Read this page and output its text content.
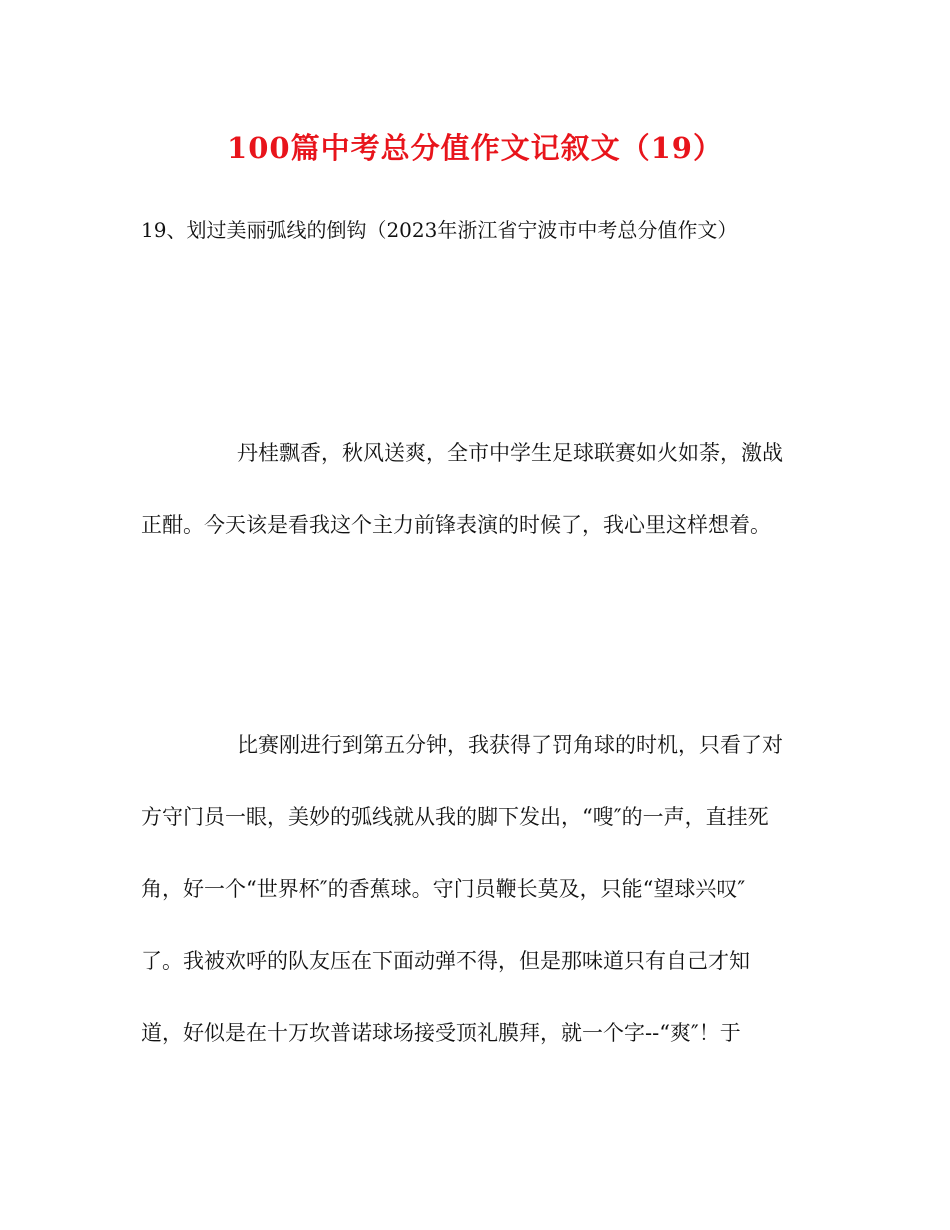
100篇中考总分值作文记叙文（19）
19、划过美丽弧线的倒钩（2023年浙江省宁波市中考总分值作文）
丹桂飘香，秋风送爽，全市中学生足球联赛如火如荼，激战
正酣。今天该是看我这个主力前锋表演的时候了，我心里这样想着。
比赛刚进行到第五分钟，我获得了罚角球的时机，只看了对
方守门员一眼，美妙的弧线就从我的脚下发出，“嗖″的一声，直挂死
角，好一个“世界杯″的香蕉球。守门员鞭长莫及，只能“望球兴叹″
了。我被欢呼的队友压在下面动弹不得，但是那味道只有自己才知
道，好似是在十万坎普诺球场接受顶礼膜拜，就一个字--“爽″！于
